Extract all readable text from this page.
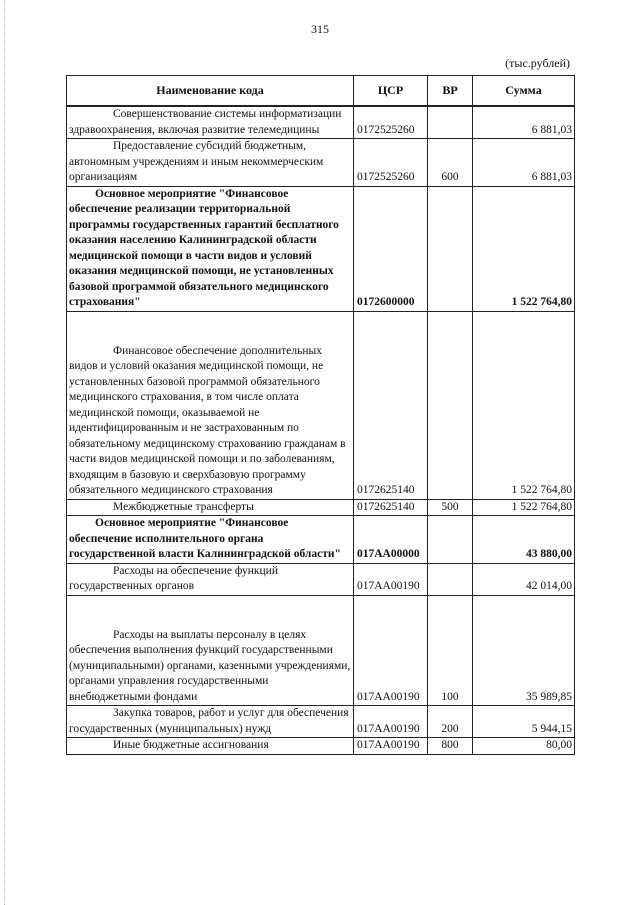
315
(тыс.рублей)
Наименование кода	ЦСР	ВР	Сумма
Совершенствование системы информатизации здравоохранения, включая развитие телемедицины	0172525260		6 881,03
Предоставление субсидий бюджетным, автономным учреждениям и иным некоммерческим организациям	0172525260	600	6 881,03
Основное мероприятие "Финансовое обеспечение реализации территориальной программы государственных гарантий бесплатного оказания населению Калининградской области медицинской помощи в части видов и условий оказания медицинской помощи, не установленных базовой программой обязательного медицинского страхования"	0172600000		1 522 764,80
Финансовое обеспечение дополнительных видов и условий оказания медицинской помощи, не установленных базовой программой обязательного медицинского страхования, в том числе оплата медицинской помощи, оказываемой не идентифицированным и не застрахованным по обязательному медицинскому страхованию гражданам в части видов медицинской помощи и по заболеваниям, входящим в базовую и сверхбазовую программу обязательного медицинского страхования	0172625140		1 522 764,80
Межбюджетные трансферты	0172625140	500	1 522 764,80
Основное мероприятие "Финансовое обеспечение исполнительного органа государственной власти Калининградской области"	017АА00000		43 880,00
Расходы на обеспечение функций государственных органов	017АА00190		42 014,00
Расходы на выплаты персоналу в целях обеспечения выполнения функций государственными (муниципальными) органами, казенными учреждениями, органами управления государственными внебюджетными фондами	017АА00190	100	35 989,85
Закупка товаров, работ и услуг для обеспечения государственных (муниципальных) нужд	017АА00190	200	5 944,15
Иные бюджетные ассигнования	017АА00190	800	80,00
